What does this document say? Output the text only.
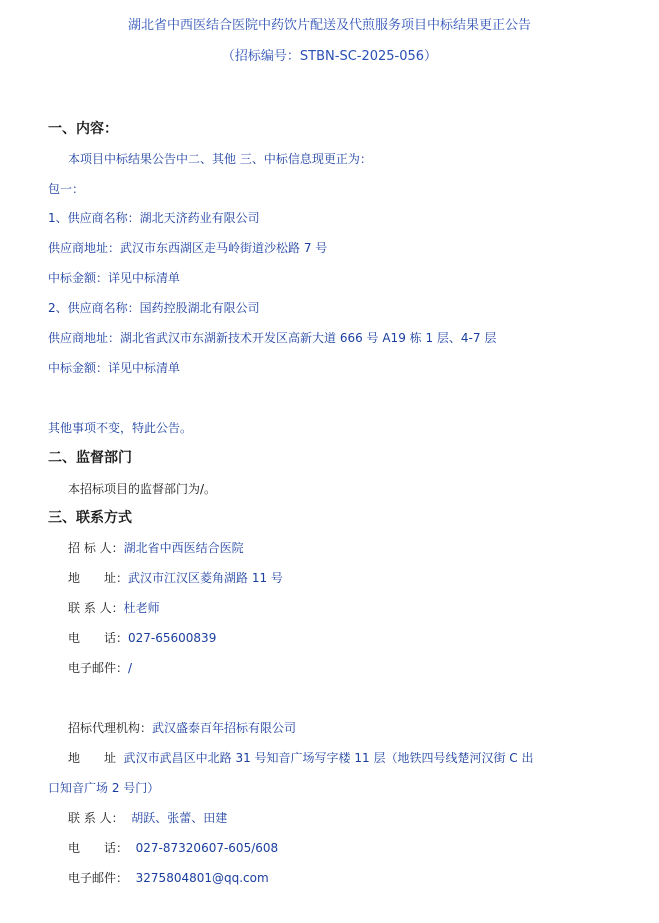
湖北省中西医结合医院中药饮片配送及代煎服务项目中标结果更正公告
（招标编号：STBN-SC-2025-056）
一、内容：
本项目中标结果公告中二、其他 三、中标信息现更正为：
包一：
1、供应商名称：湖北天济药业有限公司
供应商地址：武汉市东西湖区走马岭街道沙松路 7 号
中标金额：详见中标清单
2、供应商名称：国药控股湖北有限公司
供应商地址：湖北省武汉市东湖新技术开发区高新大道 666 号 A19 栋 1 层、4-7 层
中标金额：详见中标清单
其他事项不变，特此公告。
二、监督部门
本招标项目的监督部门为/。
三、联系方式
招 标 人：湖北省中西医结合医院
地　　址：武汉市江汉区菱角湖路 11 号
联 系 人：杜老师
电　　话：027-65600839
电子邮件：/
招标代理机构：武汉盛泰百年招标有限公司
地　　址 武汉市武昌区中北路 31 号知音广场写字楼 11 层（地铁四号线楚河汉街 C 出
口知音广场 2 号门）
联 系 人： 胡跃、张蕾、田建
电　　话： 027-87320607-605/608
电子邮件： 3275804801@qq.com
